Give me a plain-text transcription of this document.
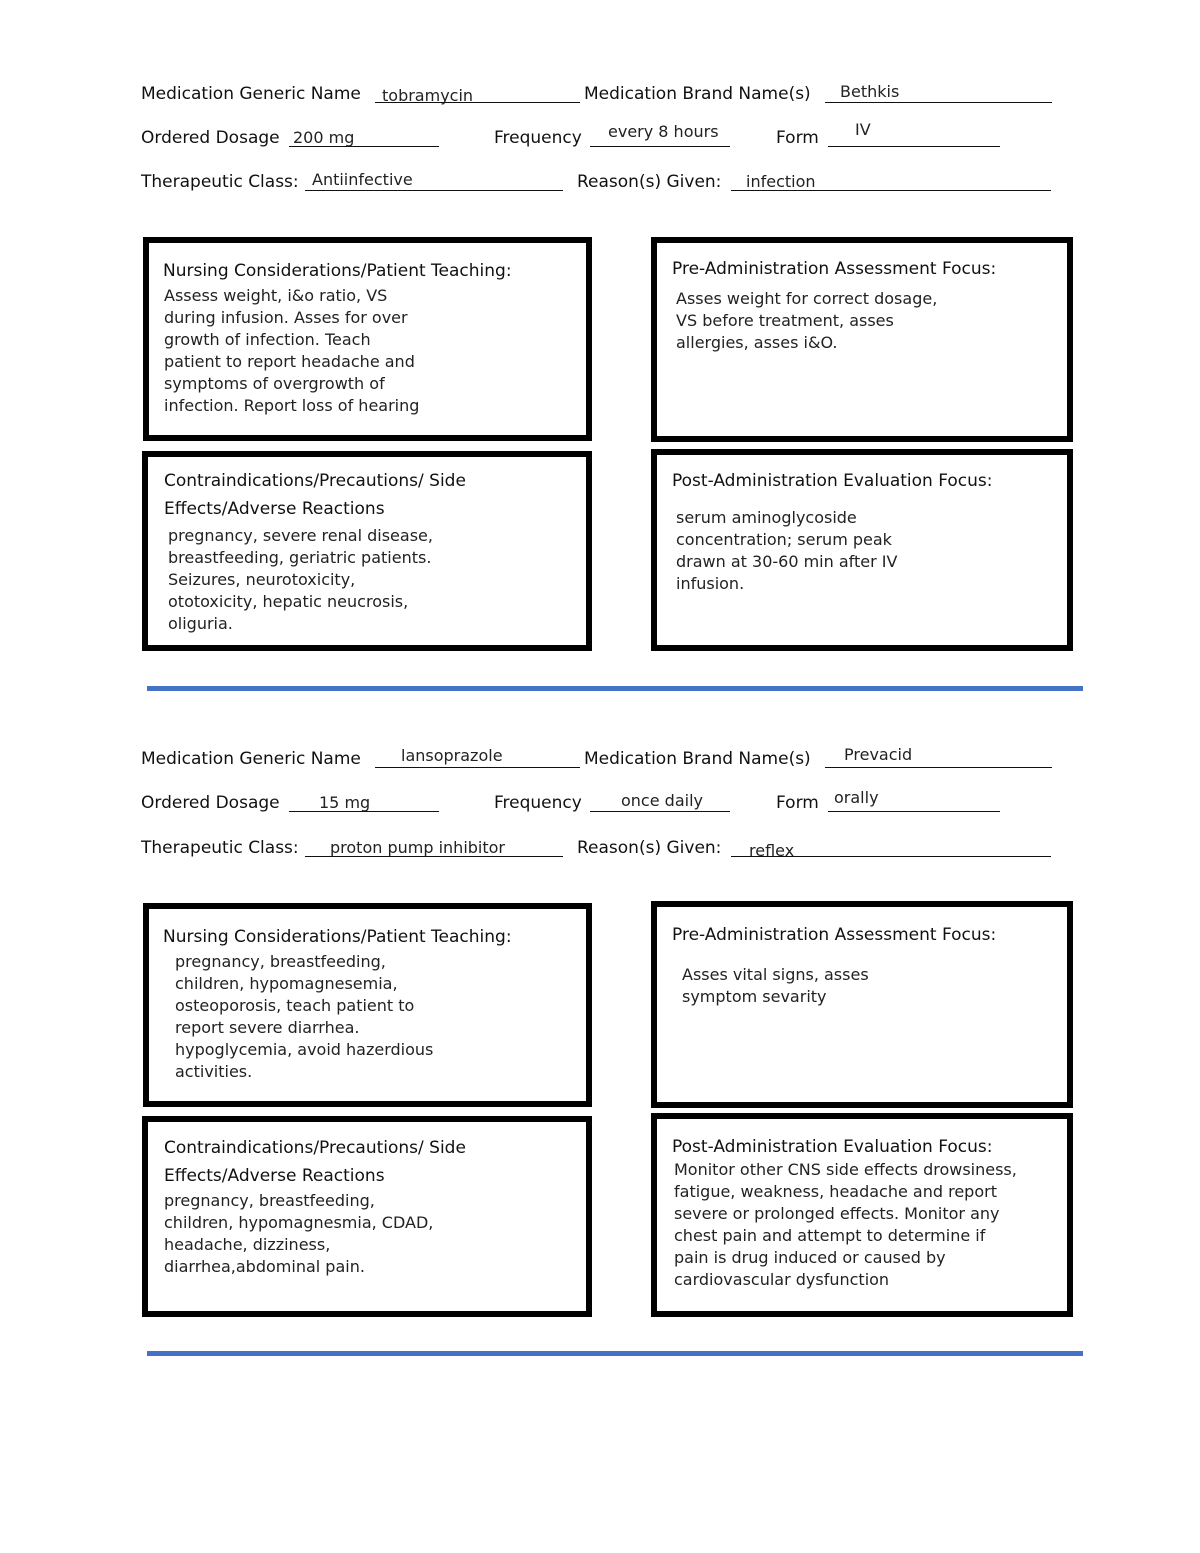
Medication Generic Name tobramycin	Medication Brand Name(s) Bethkis
Ordered Dosage 200 mg	Frequency every 8 hours	Form IV
Therapeutic Class: Antiinfective	Reason(s) Given: infection
Nursing Considerations/Patient Teaching:
Assess weight, i&o ratio, VS
during infusion. Asses for over
growth of infection. Teach
patient to report headache and
symptoms of overgrowth of
infection. Report loss of hearing
Pre-Administration Assessment Focus:
Asses weight for correct dosage,
VS before treatment, asses
allergies, asses i&O.
Contraindications/Precautions/ Side
Effects/Adverse Reactions
pregnancy, severe renal disease,
breastfeeding, geriatric patients.
Seizures, neurotoxicity,
ototoxicity, hepatic neucrosis,
oliguria.
Post-Administration Evaluation Focus:
serum aminoglycoside
concentration; serum peak
drawn at 30-60 min after IV
infusion.
Medication Generic Name	lansoprazole	Medication Brand Name(s) Prevacid
Ordered Dosage 15 mg	Frequency once daily	Form orally
Therapeutic Class: proton pump inhibitor	Reason(s) Given: reflex
Nursing Considerations/Patient Teaching:
pregnancy, breastfeeding,
children, hypomagnesemia,
osteoporosis, teach patient to
report severe diarrhea.
hypoglycemia, avoid hazerdious
activities.
Pre-Administration Assessment Focus:
Asses vital signs, asses
symptom sevarity
Contraindications/Precautions/ Side
Effects/Adverse Reactions
pregnancy, breastfeeding,
children, hypomagnesmia, CDAD,
headache, dizziness,
diarrhea,abdominal pain.
Post-Administration Evaluation Focus:
Monitor other CNS side effects drowsiness,
fatigue, weakness, headache and report
severe or prolonged effects. Monitor any
chest pain and attempt to determine if
pain is drug induced or caused by
cardiovascular dysfunction
